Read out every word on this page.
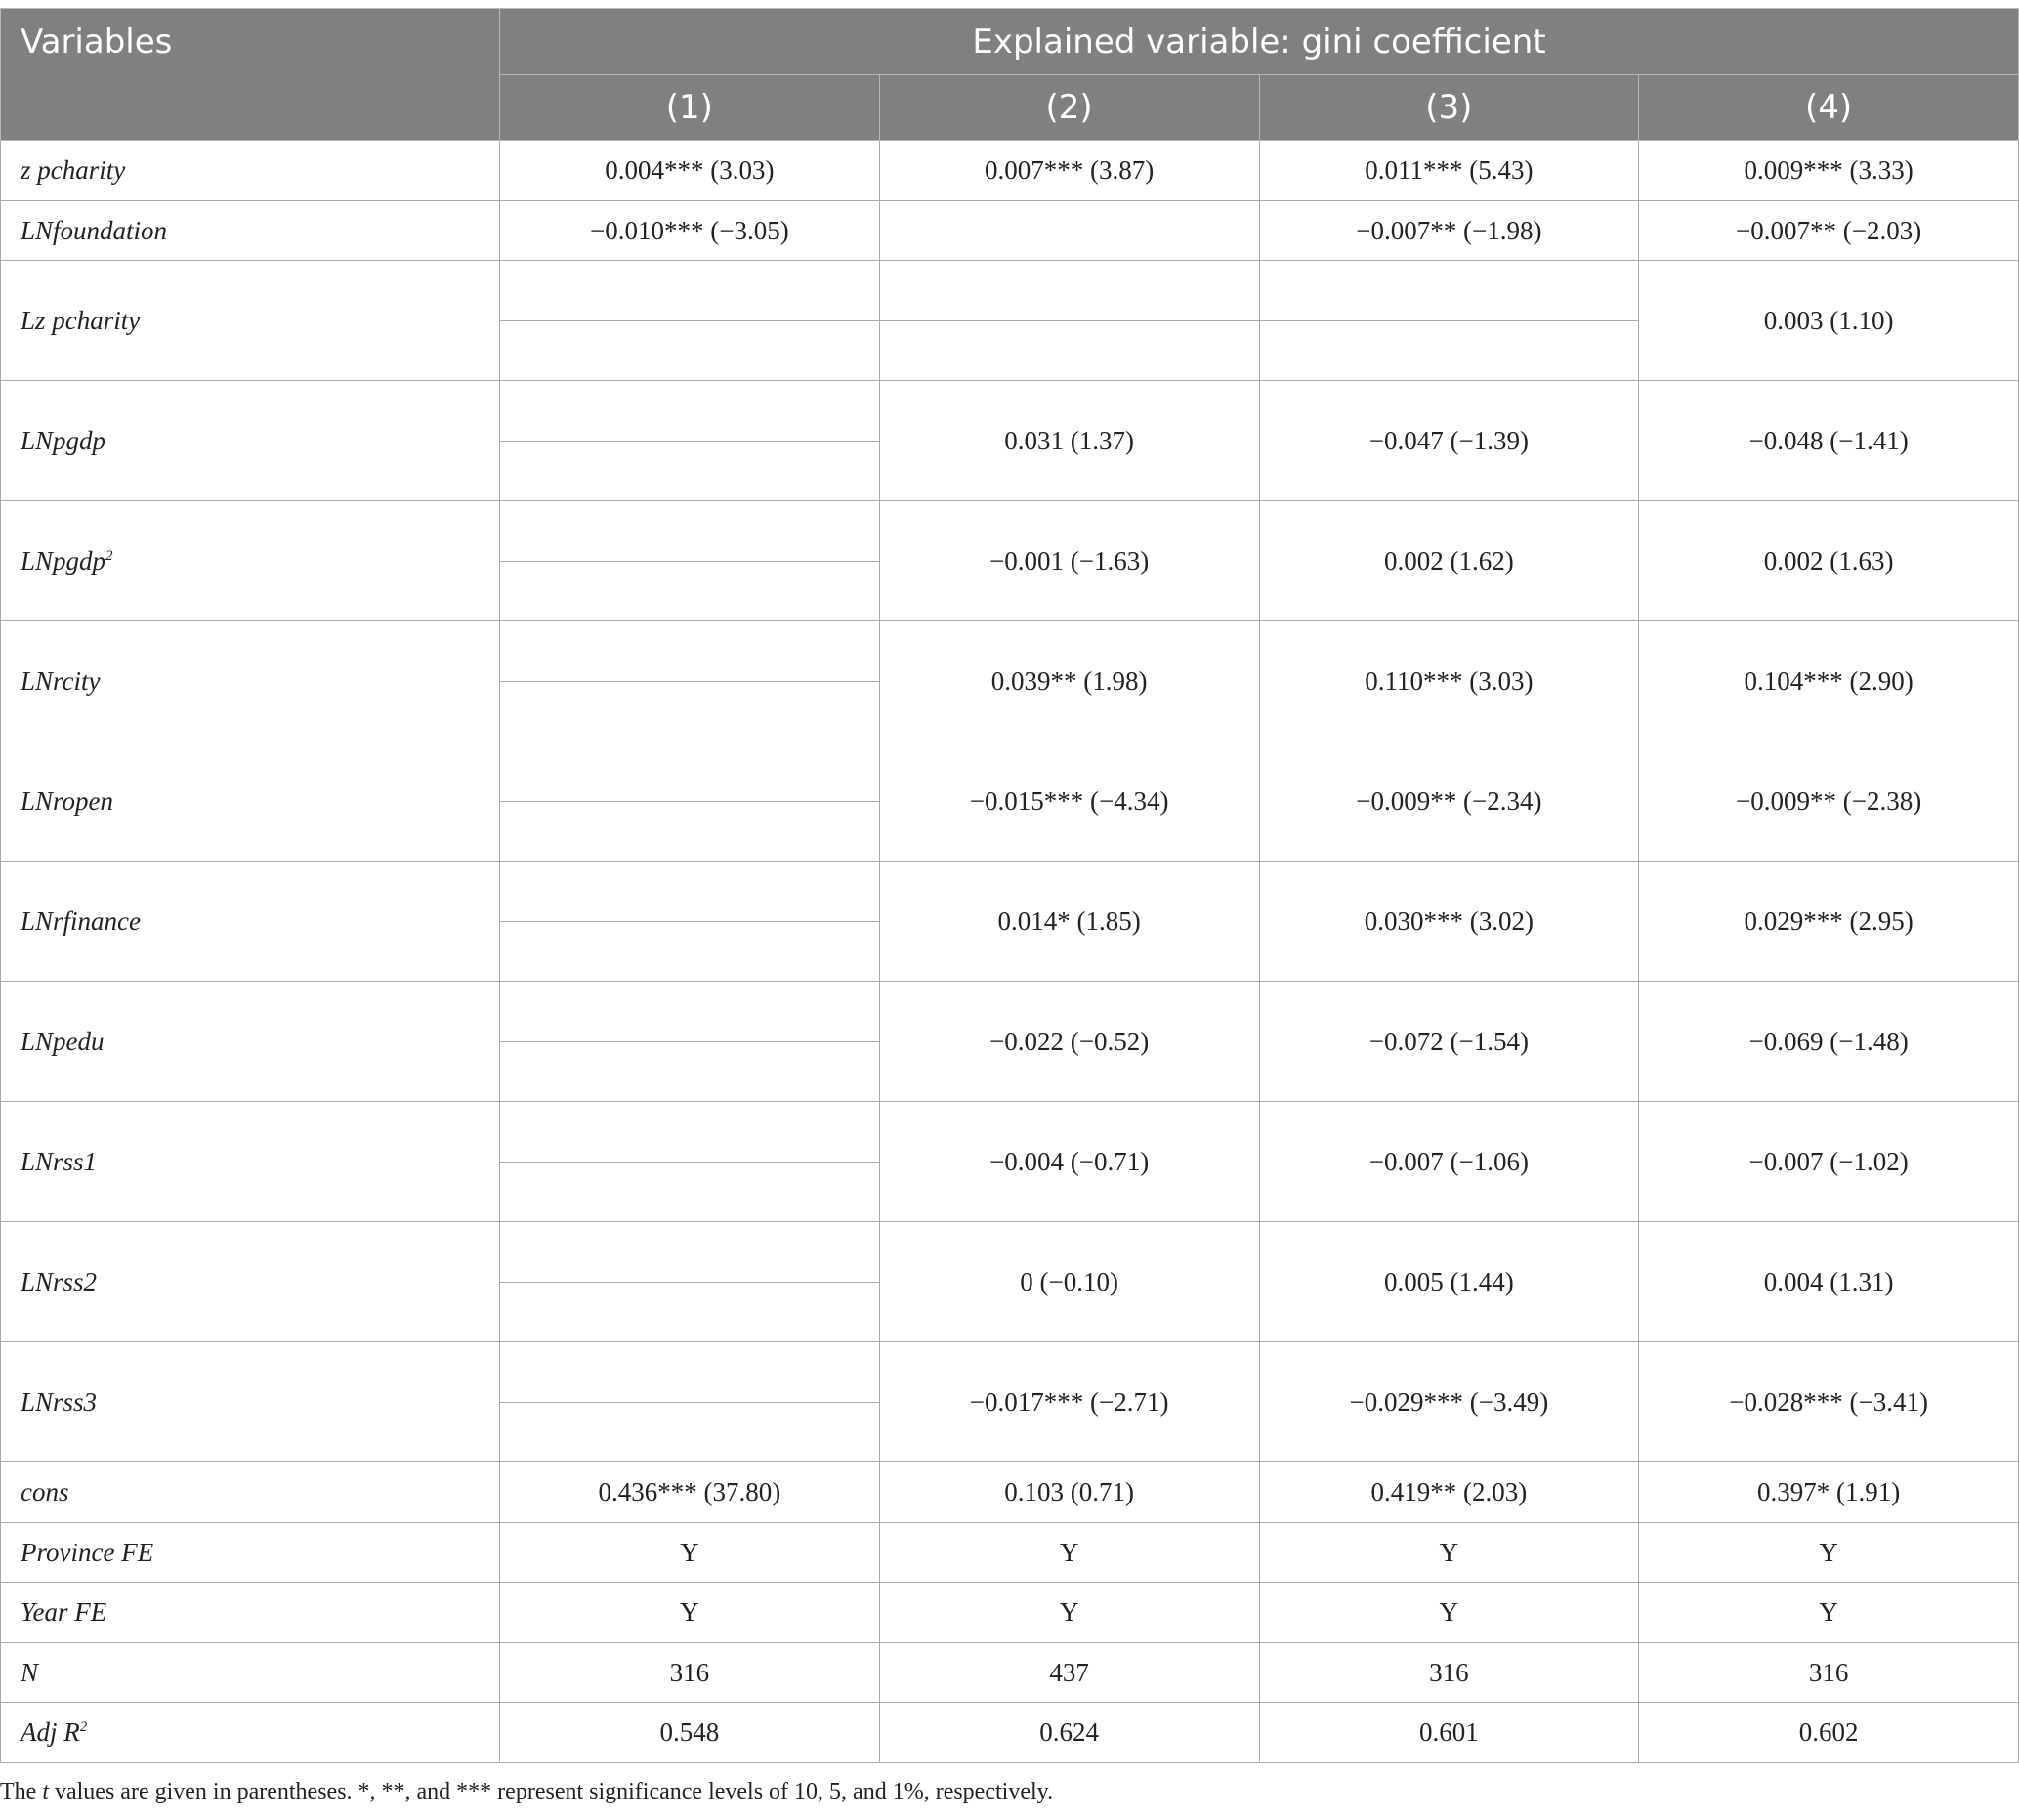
Variables	Explained variable: gini coefficient			
	(1)	(2)	(3)	(4)
z pcharity	0.004*** (3.03)	0.007*** (3.87)	0.011*** (5.43)	0.009*** (3.33)
LNfoundation	−0.010*** (−3.05)		−0.007** (−1.98)	−0.007** (−2.03)
Lz pcharity				0.003 (1.10)

LNpgdp		0.031 (1.37)	−0.047 (−1.39)	−0.048 (−1.41)

LNpgdp$^2$		−0.001 (−1.63)	0.002 (1.62)	0.002 (1.63)

LNrcity		0.039** (1.98)	0.110*** (3.03)	0.104*** (2.90)

LNropen		−0.015*** (−4.34)	−0.009** (−2.34)	−0.009** (−2.38)

LNrfinance		0.014* (1.85)	0.030*** (3.02)	0.029*** (2.95)

LNpedu		−0.022 (−0.52)	−0.072 (−1.54)	−0.069 (−1.48)

LNrss1		−0.004 (−0.71)	−0.007 (−1.06)	−0.007 (−1.02)

LNrss2		0 (−0.10)	0.005 (1.44)	0.004 (1.31)

LNrss3		−0.017*** (−2.71)	−0.029*** (−3.49)	−0.028*** (−3.41)

cons	0.436*** (37.80)	0.103 (0.71)	0.419** (2.03)	0.397* (1.91)
Province FE	Y	Y	Y	Y
Year FE	Y	Y	Y	Y
N	316	437	316	316
Adj $R^2$	0.548	0.624	0.601	0.602
The t values are given in parentheses. *, **, and *** represent significance levels of 10, 5, and 1%, respectively.
